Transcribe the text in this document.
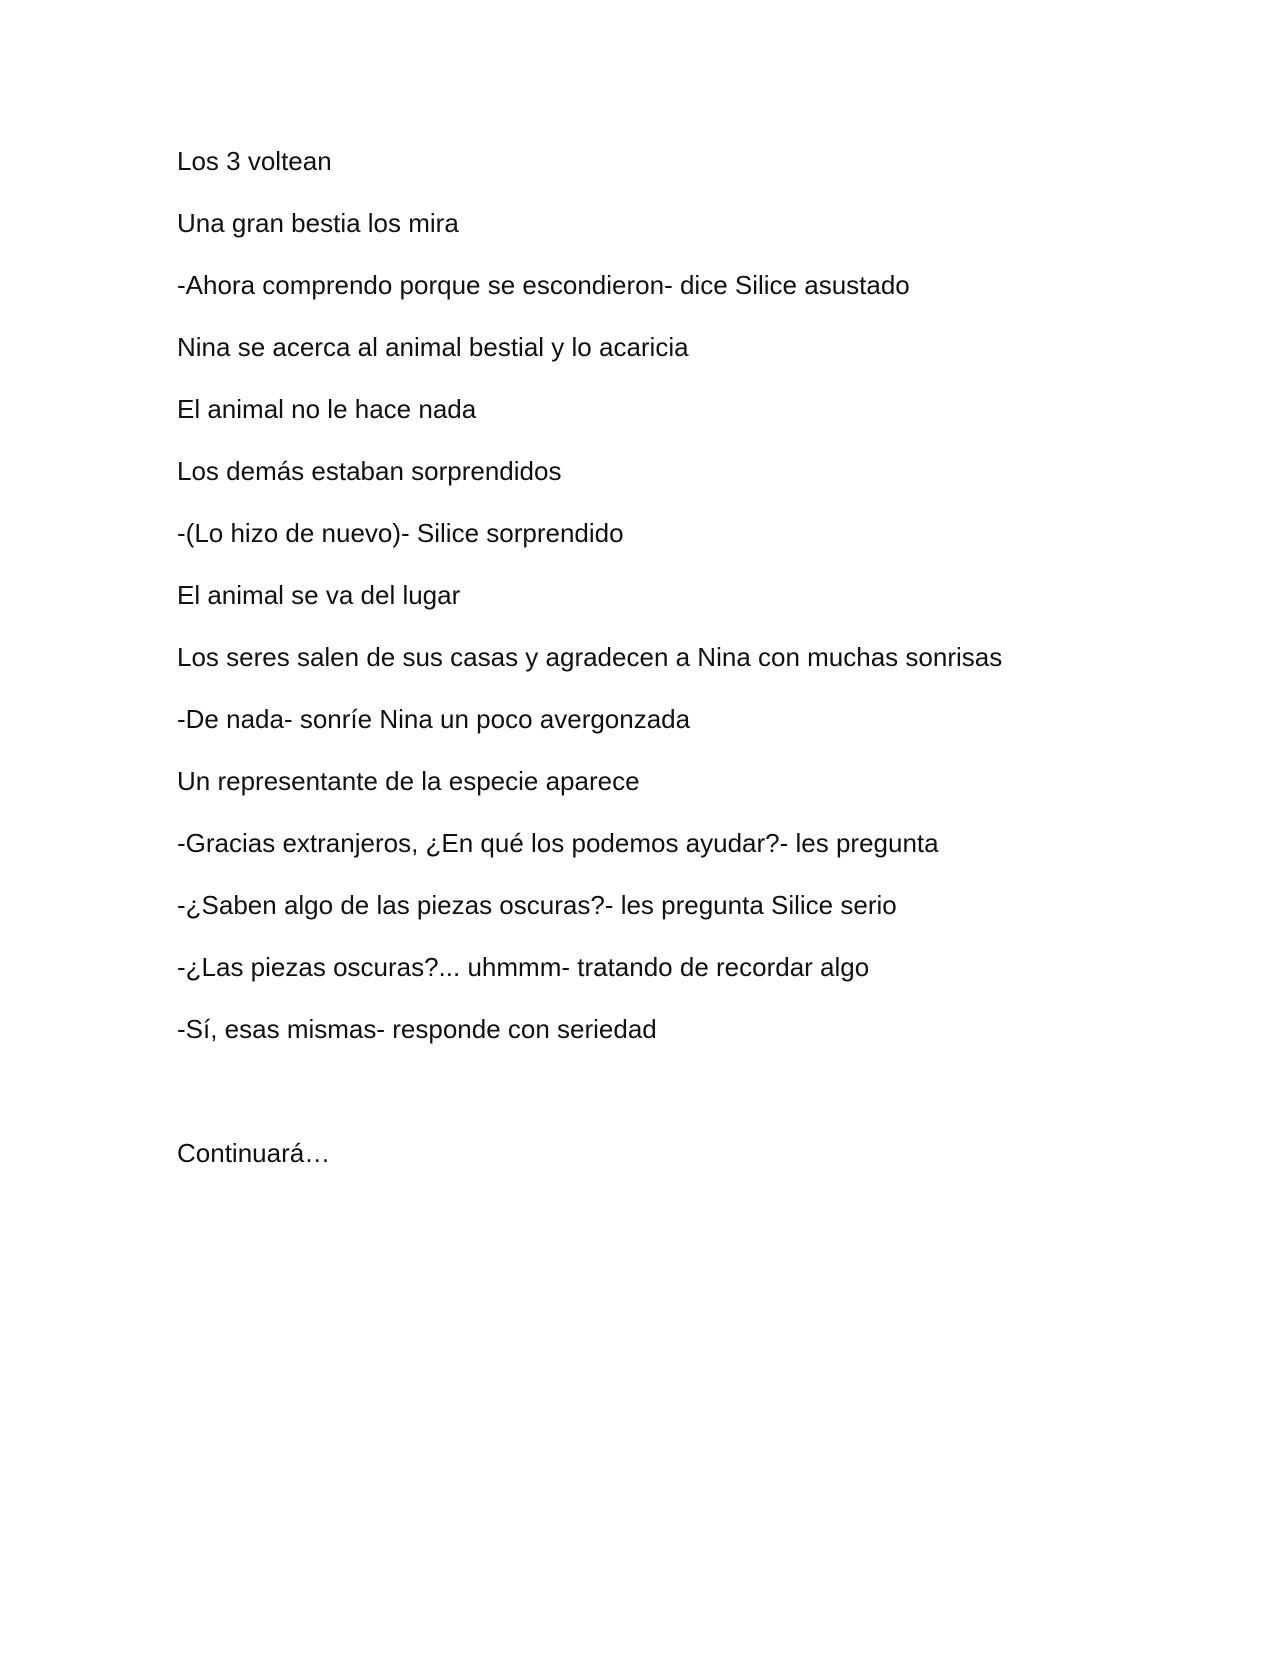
Los 3 voltean

Una gran bestia los mira

-Ahora comprendo porque se escondieron- dice Silice asustado

Nina se acerca al animal bestial y lo acaricia

El animal no le hace nada

Los demás estaban sorprendidos

-(Lo hizo de nuevo)- Silice sorprendido

El animal se va del lugar

Los seres salen de sus casas y agradecen a Nina con muchas sonrisas

-De nada- sonríe Nina un poco avergonzada

Un representante de la especie aparece

-Gracias extranjeros, ¿En qué los podemos ayudar?- les pregunta

-¿Saben algo de las piezas oscuras?- les pregunta Silice serio

-¿Las piezas oscuras?... uhmmm- tratando de recordar algo

-Sí, esas mismas- responde con seriedad

Continuará…
